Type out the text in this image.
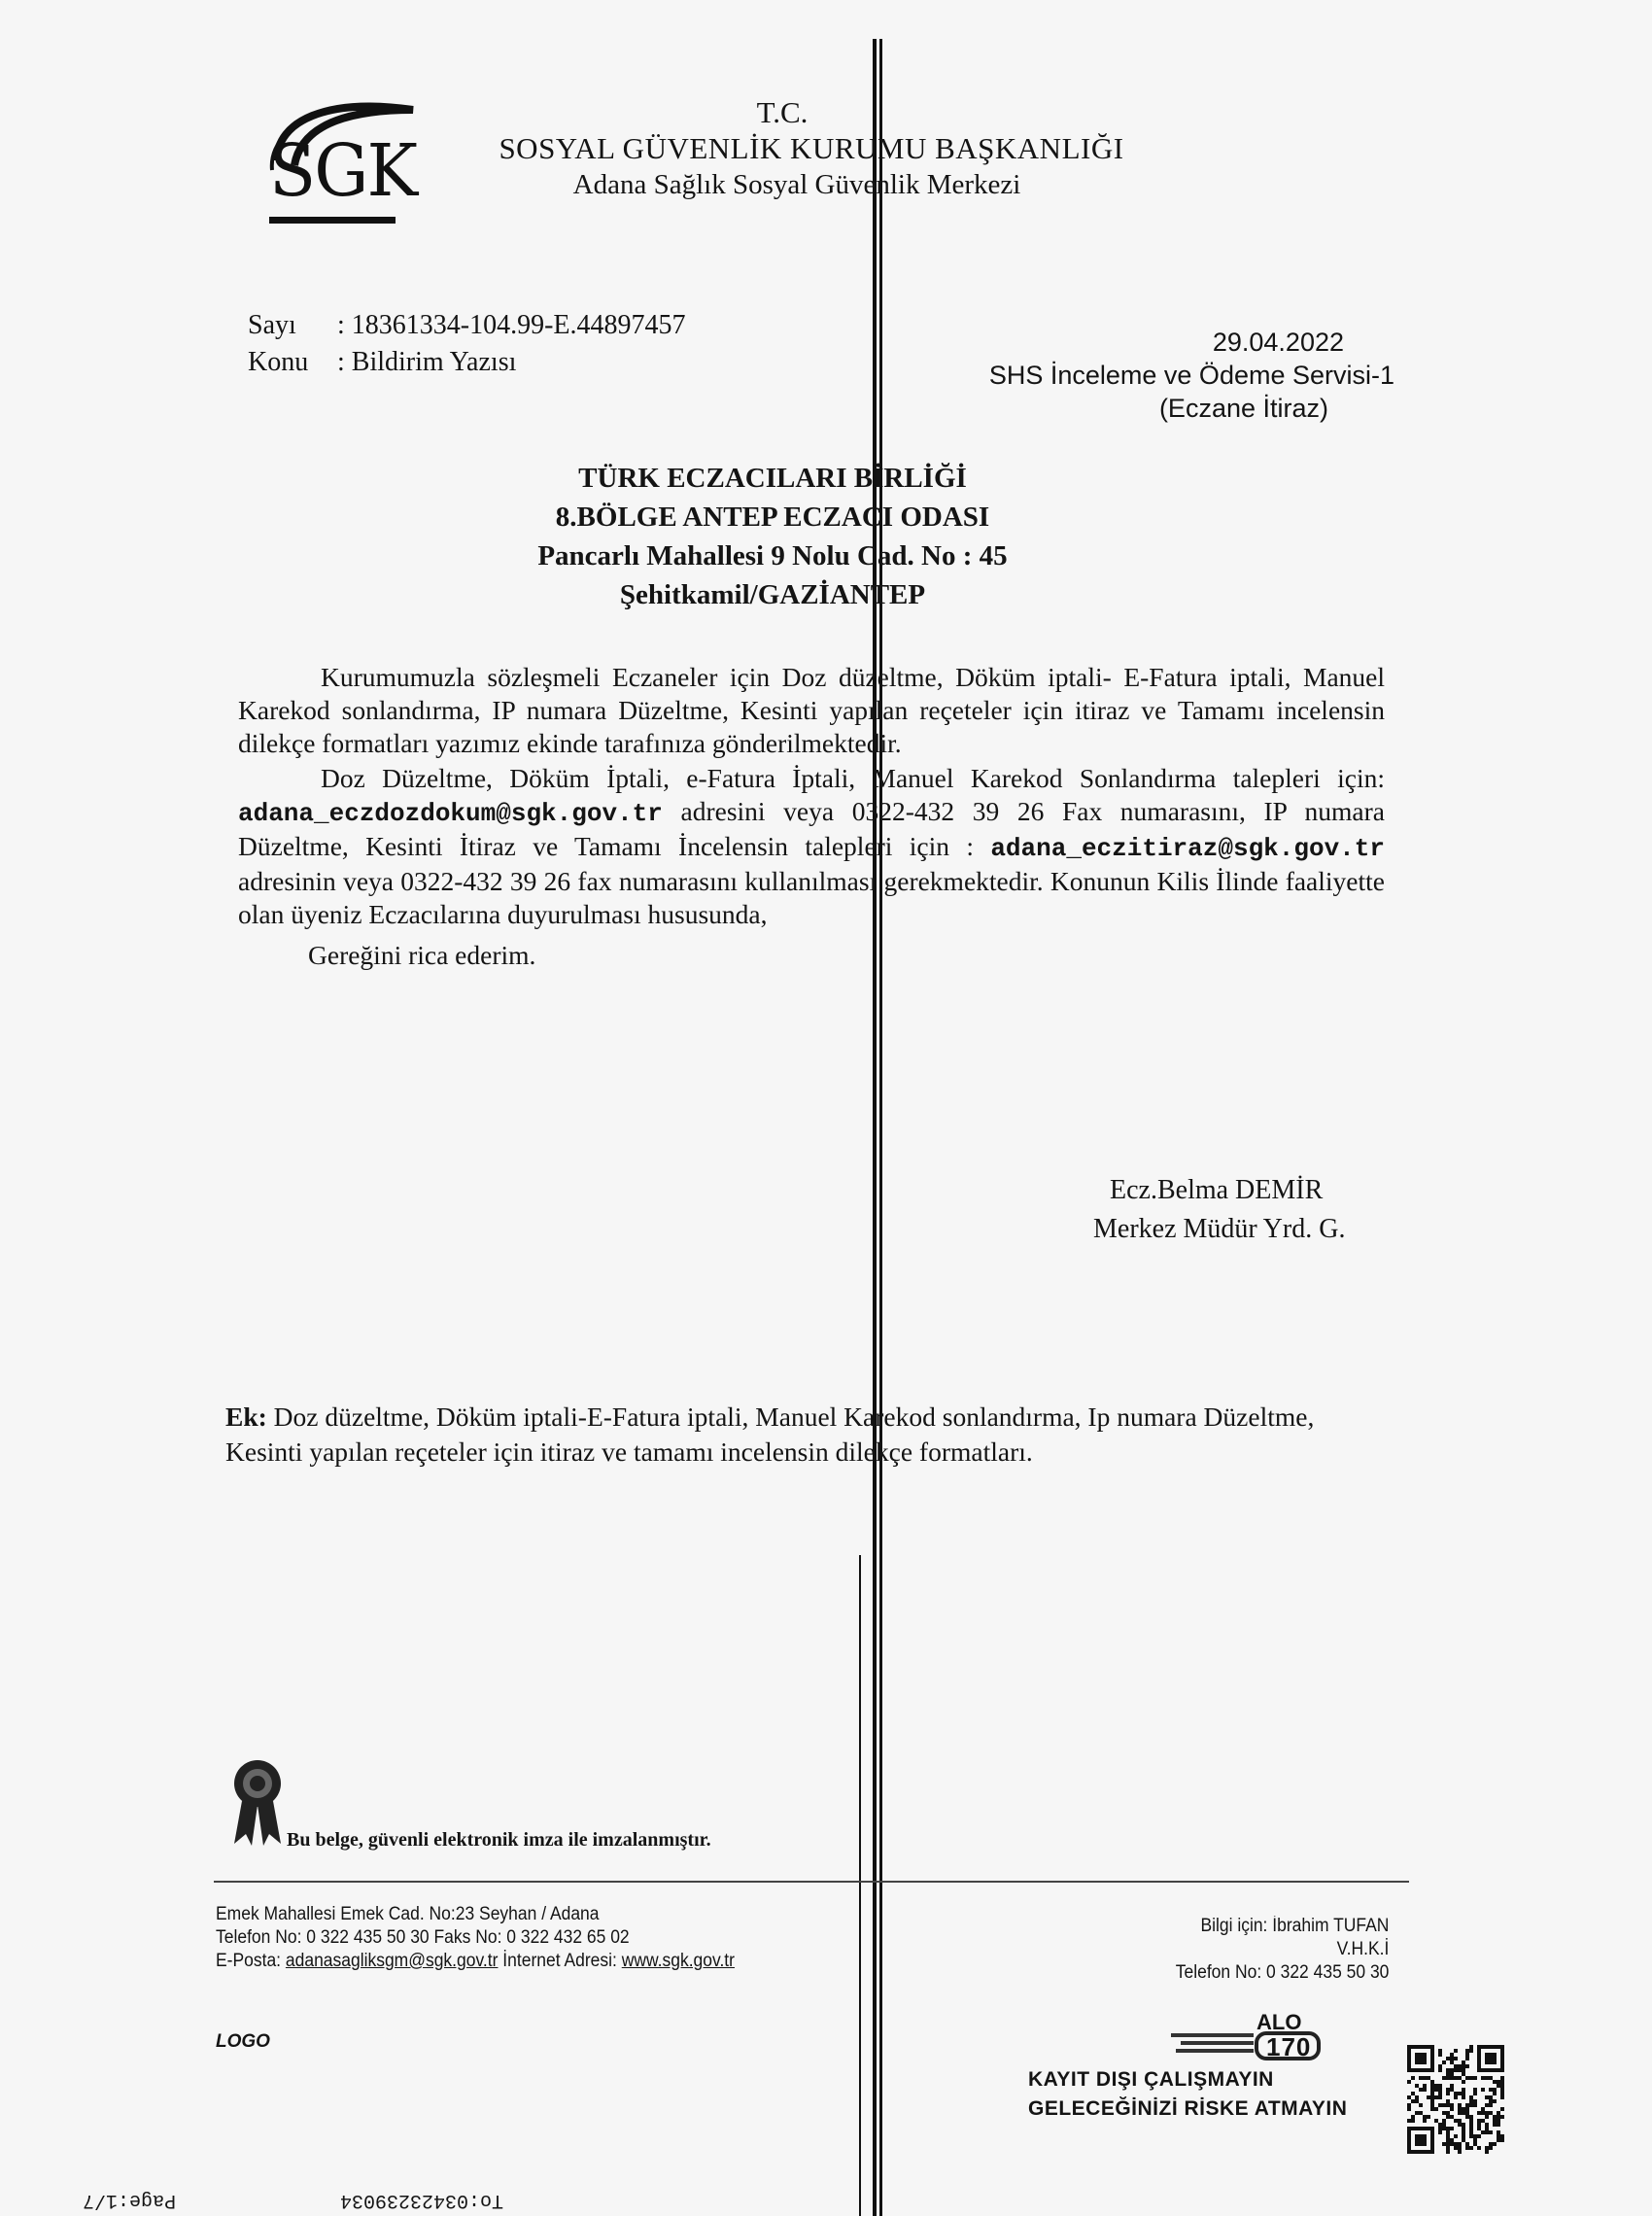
SGK
T.C.
SOSYAL GÜVENLİK KURUMU BAŞKANLIĞI
Adana Sağlık Sosyal Güvenlik Merkezi
Sayı : 18361334-104.99-E.44897457
Konu : Bildirim Yazısı
29.04.2022
SHS İnceleme ve Ödeme Servisi-1
(Eczane İtiraz)
TÜRK ECZACILARI BİRLİĞİ
8.BÖLGE ANTEP ECZACI ODASI
Pancarlı Mahallesi 9 Nolu Cad. No : 45
Şehitkamil/GAZİANTEP

Kurumumuzla sözleşmeli Eczaneler için Doz düzeltme, Döküm iptali- E-Fatura iptali, Manuel Karekod sonlandırma, IP numara Düzeltme, Kesinti yapılan reçeteler için itiraz ve Tamamı incelensin dilekçe formatları yazımız ekinde tarafınıza gönderilmektedir.

Doz Düzeltme, Döküm İptali, e-Fatura İptali, Manuel Karekod Sonlandırma talepleri için: adana_eczdozdokum@sgk.gov.tr adresini veya 0322-432 39 26 Fax numarasını, IP numara Düzeltme, Kesinti İtiraz ve Tamamı İncelensin talepleri için : adana_eczitiraz@sgk.gov.tr adresinin veya 0322-432 39 26 fax numarasını kullanılması gerekmektedir. Konunun Kilis İlinde faaliyette olan üyeniz Eczacılarına duyurulması hususunda,

Gereğini rica ederim.

Ecz.Belma DEMİR
Merkez Müdür Yrd. G.
Ek: Doz düzeltme, Döküm iptali-E-Fatura iptali, Manuel Karekod sonlandırma, Ip numara Düzeltme, Kesinti yapılan reçeteler için itiraz ve tamamı incelensin dilekçe formatları.
Bu belge, güvenli elektronik imza ile imzalanmıştır.
Emek Mahallesi Emek Cad. No:23 Seyhan / Adana
Telefon No: 0 322 435 50 30 Faks No: 0 322 432 65 02
E-Posta: adanasagliksgm@sgk.gov.tr İnternet Adresi: www.sgk.gov.tr
Bilgi için: İbrahim TUFAN
V.H.K.İ
Telefon No: 0 322 435 50 30
LOGO
ALO
170
KAYIT DIŞI ÇALIŞMAYIN
GELECEĞİNİZİ RİSKE ATMAYIN
Page:1/7	To:03423239034
